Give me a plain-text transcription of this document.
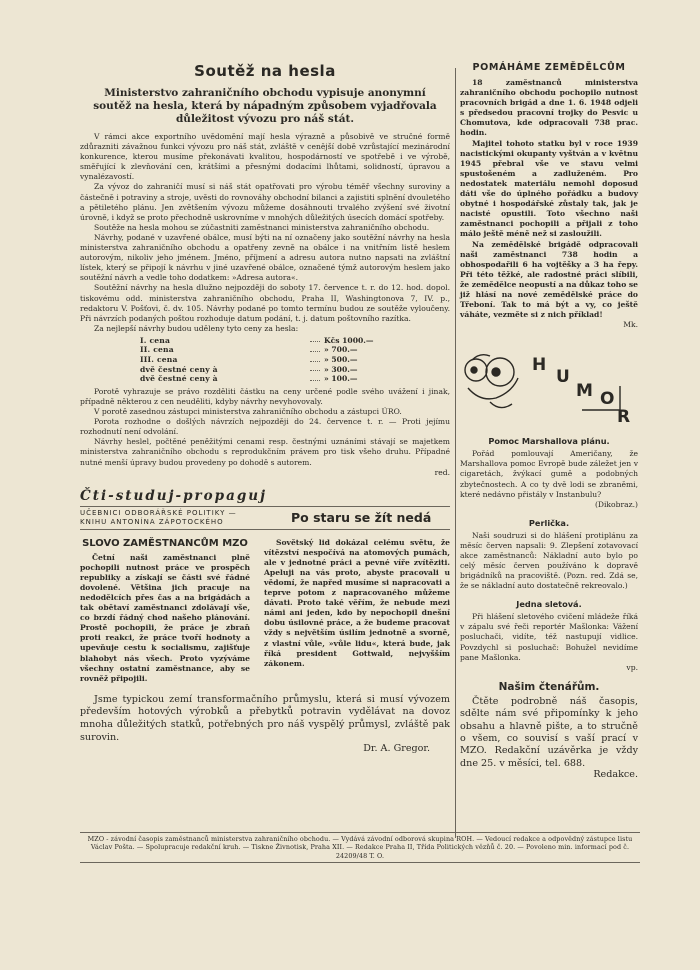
Soutěž na hesla
Ministerstvo zahraničního obchodu vypisuje anonymní soutěž na hesla, která by nápadným způsobem vyjadřovala důležitost vývozu pro náš stát.

V rámci akce exportního uvědomění mají hesla výrazně a působivě ve stručné formě zdůrazniti závažnou funkci vývozu pro náš stát, zvláště v cenější době vzrůstající mezinárodní konkurence, kterou musíme překonávati kvalitou, hospodárností ve spotřebě i ve výrobě, směřující k zlevňování cen, krátšími a přesnými dodacími lhůtami, solidností, úpravou a vynalézavostí.

Za vývoz do zahraničí musí si náš stát opatřovati pro výrobu téměř všechny suroviny a částečně i potraviny a stroje, uvěsti do rovnováhy obchodní bilanci a zajistiti splnění dvouletého a pětiletého plánu. Jen zvětšením vývozu můžeme dosáhnouti trvalého zvýšení své životní úrovně, i když se proto přechodně uskrovníme v mnohých důležitých úsecích domácí spotřeby.

Soutěže na hesla mohou se zúčastniti zaměstnanci ministerstva zahraničního obchodu.

Návrhy, podané v uzavřené obálce, musí býti na ní označeny jako soutěžní návrhy na hesla ministerstva zahraničního obchodu a opatřeny zevně na obálce i na vnitřním listě heslem autorovým, nikoliv jeho jménem. Jméno, příjmení a adresu autora nutno napsati na zvláštní lístek, který se připojí k návrhu v jiné uzavřené obálce, označené týmž autorovým heslem jako soutěžní návrh a vedle toho dodatkem: »Adresa autora«.

Soutěžní návrhy na hesla dlužno nejpozději do soboty 17. července t. r. do 12. hod. dopol. tiskovému odd. ministerstva zahraničního obchodu, Praha II, Washingtonova 7, IV. p., redaktoru V. Pošťovi, č. dv. 105. Návrhy podané po tomto termínu budou ze soutěže vyloučeny. Při návrzích podaných poštou rozhoduje datum podání, t. j. datum poštovního razítka.

Za nejlepší návrhy budou uděleny tyto ceny za hesla:

I. cena	Kčs 1000.—
II. cena	» 700.—
III. cena	» 500.—
dvě čestné ceny à	» 300.—
dvě čestné ceny à	» 100.—

Porotě vyhrazuje se právo rozděliti částku na ceny určené podle svého uvážení i jinak, případně některou z cen neuděliti, kdyby návrhy nevyhovovaly.

V porotě zasednou zástupci ministerstva zahraničního obchodu a zástupci ÚRO.

Porota rozhodne o došlých návrzích nejpozději do 24. července t. r. — Proti jejímu rozhodnutí není odvolání.

Návrhy heslel, počtěné peněžitými cenami resp. čestnými uznáními stávají se majetkem ministerstva zahraničního obchodu s reprodukčním právem pro tisk všeho druhu. Případné nutné menší úpravy budou provedeny po dohodě s autorem.

red.
Čti-studuj-propaguj
UČEBNICI ODBORÁŘSKÉ POLITIKY —
KNIHU ANTONÍNA ZÁPOTOCKÉHO	Po staru se žít nedá
SLOVO ZAMĚSTNANCŮM MZO

Četní naši zaměstnanci plně pochopili nutnost práce ve prospěch republiky a získají se části své řádné dovolené. Většina jich pracuje na nedodělcích přes čas a na brigádách a tak obětaví zaměstnanci zdolávají vše, co brzdí řádný chod našeho plánování. Prostě pochopili, že práce je zbraň proti reakci, že práce tvoří hodnoty a upevňuje cestu k socialismu, zajišťuje blahobyt nás všech. Proto vyzýváme všechny ostatní zaměstnance, aby se rovněž připojili.

Sovětský lid dokázal celému světu, že vítězství nespočívá na atomových pumách, ale v jednotné práci a pevné víře zvítěziti. Apeluji na vás proto, abyste pracovali u vědomí, že napřed musíme si napracovati a teprve potom z napracovaného můžeme dávati. Proto také věřím, že nebude mezi námi ani jeden, kdo by nepochopil dnešní dobu úsilovné práce, a že budeme pracovat vždy s největším úsilím jednotně a svorně, z vlastní vůle, »vůle lidu«, která bude, jak říká president Gottwald, nejvyšším zákonem.

Jsme typickou zemí transformačního průmyslu, která si musí vývozem především hotových výrobků a přebytků potravin vydělávat na dovoz mnoha důležitých statků, potřebných pro náš vyspělý průmysl, zvláště pak surovin.

Dr. A. Gregor.
POMÁHÁME ZEMĚDĚLCŮM

18 zaměstnanců ministerstva zahraničního obchodu pochopilo nutnost pracovních brigád a dne 1. 6. 1948 odjeli s předsedou pracovní trojky do Pesvic u Chomutova, kde odpracovali 738 prac. hodin.

Majitel tohoto statku byl v roce 1939 nacistickými okupanty vyštván a v květnu 1945 přebral vše ve stavu velmi spustošeném a zadluženém. Pro nedostatek materiálu nemohl doposud dáti vše do úplného pořádku a budovy obytné i hospodářské zůstaly tak, jak je nacisté opustili. Toto všechno naši zaměstnanci pochopili a přijali z toho málo ještě méně než si zasloužili.

Na zemědělské brigádě odpracovali naši zaměstnanci 738 hodin a obhospodařili 6 ha vojtěšky a 3 ha řepy. Při této těžké, ale radostné práci slíbili, že zemědělce neopustí a na důkaz toho se již hlásí na nové zemědělské práce do Třeboní. Tak to má být a vy, co ještě váháte, vezměte si z nich příklad!

Mk.
H
U
M O
R
Pomoc Marshallova plánu.

Pořád pomlouvají Američany, že Marshallova pomoc Evropě bude záležet jen v cigaretách, žvýkací gumě a podobných zbytečnostech. A co ty dvě lodi se zbraněmi, které nedávno přistály v Instanbulu?

(Dikobraz.)
Perlička.

Naši soudruzi si do hlášení protiplánu za měsíc červen napsali: 9. Zlepšení zotavovací akce zaměstnanců: Nákladní auto bylo po celý měsíc červen používáno k dopravě brigádníků na pracoviště. (Pozn. red. Zdá se, že se nákladní auto dostatečně rekreovalo.)

Jedna sletová.

Při hlášení sletového cvičení mládeže říká v zápalu své řeči reportér Mašlonka: Vážení posluchači, vidíte, též nastupují vidlice. Povzdychl si posluchač: Bohužel nevidíme pane Mašlonka.

vp.
Našim čtenářům.

Čtěte podrobně náš časopis, sdělte nám své připomínky k jeho obsahu a hlavně pište, a to stručně o všem, co souvisí s vaší prací v MZO. Redakční uzávěrka je vždy dne 25. v měsíci, tel. 688.

Redakce.
MZO - závodní časopis zaměstnanců ministerstva zahraničního obchodu. — Vydává závodní odborová skupina ROH. — Vedoucí redakce a odpovědný zástupce listu Václav Pošta. — Spolupracuje redakční kruh. — Tiskne Živnotisk, Praha XII. — Redakce Praha II, Třída Politických vězňů č. 20. — Povoleno min. informací pod č. 24209/48 T. O.
